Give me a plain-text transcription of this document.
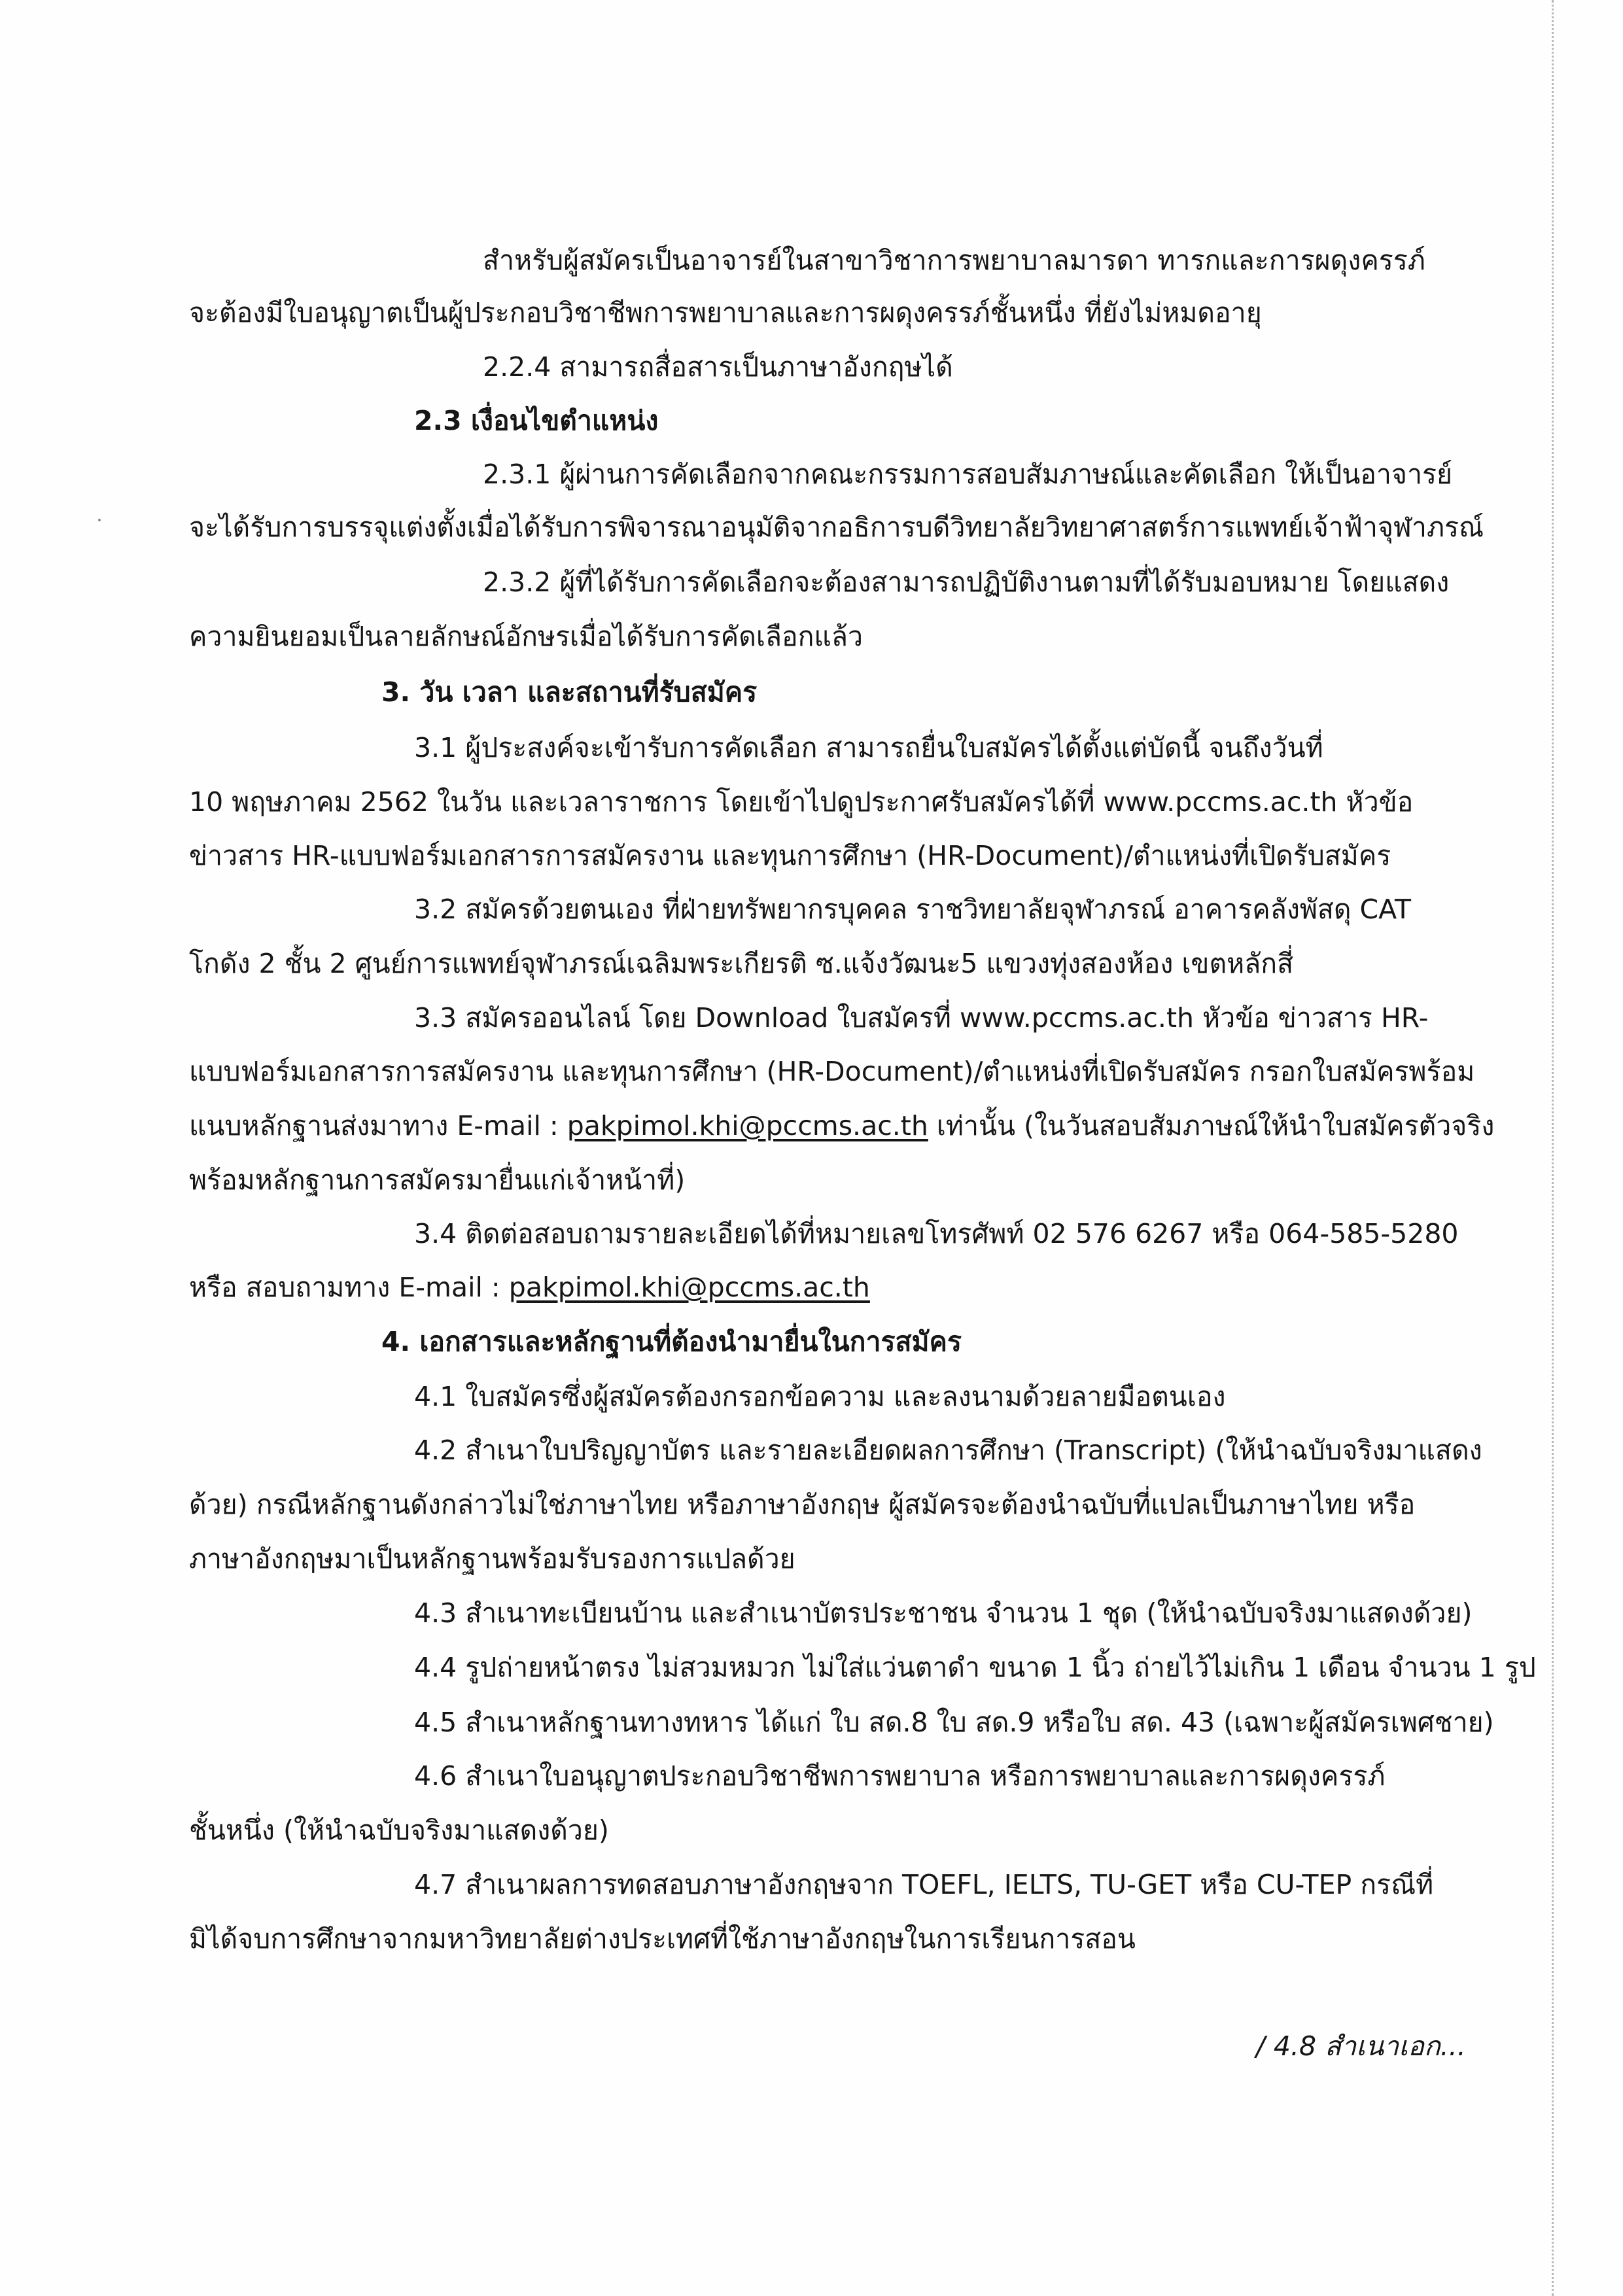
สำหรับผู้สมัครเป็นอาจารย์ในสาขาวิชาการพยาบาลมารดา ทารกและการผดุงครรภ์
จะต้องมีใบอนุญาตเป็นผู้ประกอบวิชาชีพการพยาบาลและการผดุงครรภ์ชั้นหนึ่ง ที่ยังไม่หมดอายุ
2.2.4 สามารถสื่อสารเป็นภาษาอังกฤษได้
2.3 เงื่อนไขตำแหน่ง
2.3.1 ผู้ผ่านการคัดเลือกจากคณะกรรมการสอบสัมภาษณ์และคัดเลือก ให้เป็นอาจารย์
จะได้รับการบรรจุแต่งตั้งเมื่อได้รับการพิจารณาอนุมัติจากอธิการบดีวิทยาลัยวิทยาศาสตร์การแพทย์เจ้าฟ้าจุฬาภรณ์
2.3.2 ผู้ที่ได้รับการคัดเลือกจะต้องสามารถปฏิบัติงานตามที่ได้รับมอบหมาย โดยแสดง
ความยินยอมเป็นลายลักษณ์อักษรเมื่อได้รับการคัดเลือกแล้ว
3. วัน เวลา และสถานที่รับสมัคร
3.1 ผู้ประสงค์จะเข้ารับการคัดเลือก สามารถยื่นใบสมัครได้ตั้งแต่บัดนี้ จนถึงวันที่
10 พฤษภาคม 2562 ในวัน และเวลาราชการ โดยเข้าไปดูประกาศรับสมัครได้ที่ www.pccms.ac.th หัวข้อ
ข่าวสาร HR-แบบฟอร์มเอกสารการสมัครงาน และทุนการศึกษา (HR-Document)/ตำแหน่งที่เปิดรับสมัคร
3.2 สมัครด้วยตนเอง ที่ฝ่ายทรัพยากรบุคคล ราชวิทยาลัยจุฬาภรณ์ อาคารคลังพัสดุ CAT
โกดัง 2 ชั้น 2 ศูนย์การแพทย์จุฬาภรณ์เฉลิมพระเกียรติ ซ.แจ้งวัฒนะ5 แขวงทุ่งสองห้อง เขตหลักสี่
3.3 สมัครออนไลน์ โดย Download ใบสมัครที่ www.pccms.ac.th หัวข้อ ข่าวสาร HR-
แบบฟอร์มเอกสารการสมัครงาน และทุนการศึกษา (HR-Document)/ตำแหน่งที่เปิดรับสมัคร กรอกใบสมัครพร้อม
แนบหลักฐานส่งมาทาง E-mail : pakpimol.khi@pccms.ac.th เท่านั้น (ในวันสอบสัมภาษณ์ให้นำใบสมัครตัวจริง
พร้อมหลักฐานการสมัครมายื่นแก่เจ้าหน้าที่)
3.4 ติดต่อสอบถามรายละเอียดได้ที่หมายเลขโทรศัพท์ 02 576 6267 หรือ 064-585-5280
หรือ สอบถามทาง E-mail : pakpimol.khi@pccms.ac.th
4. เอกสารและหลักฐานที่ต้องนำมายื่นในการสมัคร
4.1 ใบสมัครซึ่งผู้สมัครต้องกรอกข้อความ และลงนามด้วยลายมือตนเอง
4.2 สำเนาใบปริญญาบัตร และรายละเอียดผลการศึกษา (Transcript) (ให้นำฉบับจริงมาแสดง
ด้วย) กรณีหลักฐานดังกล่าวไม่ใช่ภาษาไทย หรือภาษาอังกฤษ ผู้สมัครจะต้องนำฉบับที่แปลเป็นภาษาไทย หรือ
ภาษาอังกฤษมาเป็นหลักฐานพร้อมรับรองการแปลด้วย
4.3 สำเนาทะเบียนบ้าน และสำเนาบัตรประชาชน จำนวน 1 ชุด (ให้นำฉบับจริงมาแสดงด้วย)
4.4 รูปถ่ายหน้าตรง ไม่สวมหมวก ไม่ใส่แว่นตาดำ ขนาด 1 นิ้ว ถ่ายไว้ไม่เกิน 1 เดือน จำนวน 1 รูป
4.5 สำเนาหลักฐานทางทหาร ได้แก่ ใบ สด.8 ใบ สด.9 หรือใบ สด. 43 (เฉพาะผู้สมัครเพศชาย)
4.6 สำเนาใบอนุญาตประกอบวิชาชีพการพยาบาล หรือการพยาบาลและการผดุงครรภ์
ชั้นหนึ่ง (ให้นำฉบับจริงมาแสดงด้วย)
4.7 สำเนาผลการทดสอบภาษาอังกฤษจาก TOEFL, IELTS, TU-GET หรือ CU-TEP กรณีที่
มิได้จบการศึกษาจากมหาวิทยาลัยต่างประเทศที่ใช้ภาษาอังกฤษในการเรียนการสอน
/ 4.8 สำเนาเอก...
